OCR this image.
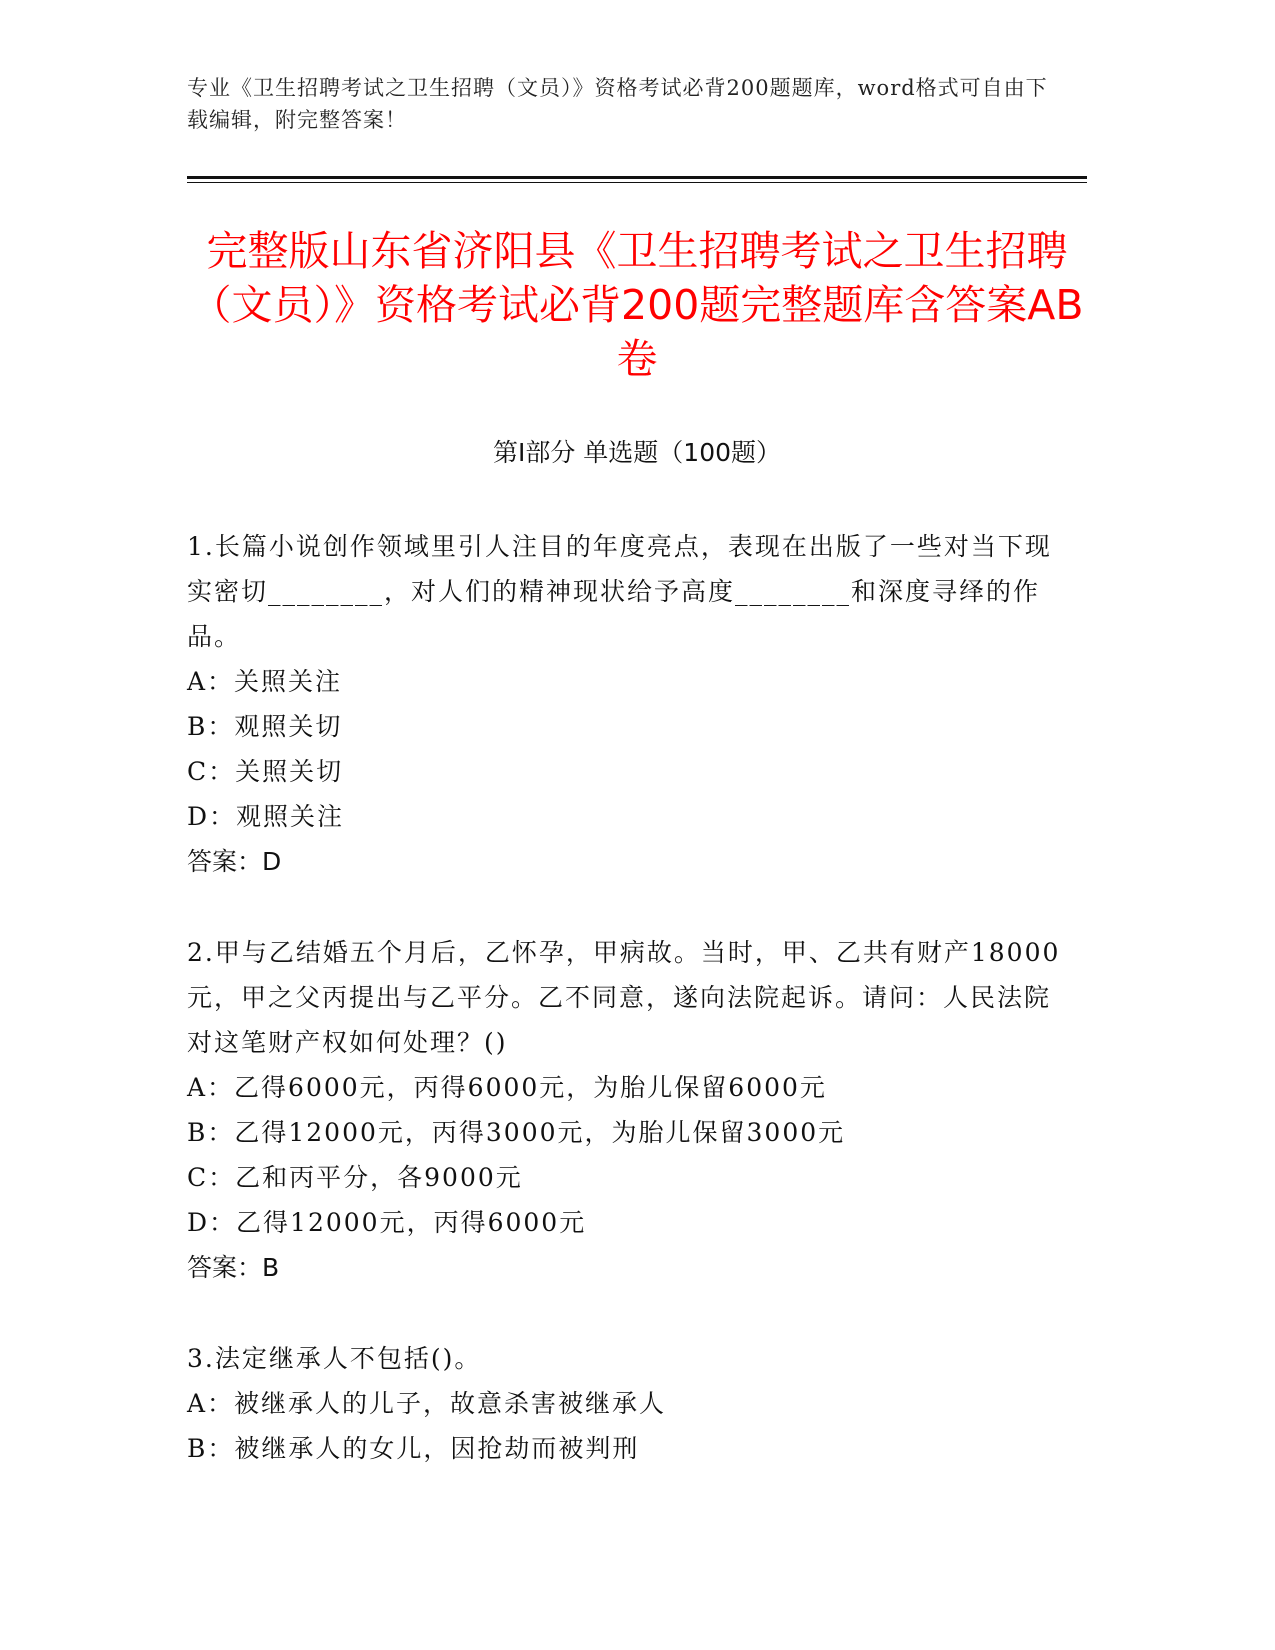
专业《卫生招聘考试之卫生招聘（文员）》资格考试必背200题题库，word格式可自由下载编辑，附完整答案！
完整版山东省济阳县《卫生招聘考试之卫生招聘（文员）》资格考试必背200题完整题库含答案AB卷
第Ⅰ部分 单选题（100题）
1.长篇小说创作领域里引人注目的年度亮点，表现在出版了一些对当下现实密切________，对人们的精神现状给予高度________和深度寻绎的作品。
A：关照关注
B：观照关切
C：关照关切
D：观照关注
答案：D
2.甲与乙结婚五个月后，乙怀孕，甲病故。当时，甲、乙共有财产18000元，甲之父丙提出与乙平分。乙不同意，遂向法院起诉。请问：人民法院对这笔财产权如何处理？()
A：乙得6000元，丙得6000元，为胎儿保留6000元
B：乙得12000元，丙得3000元，为胎儿保留3000元
C：乙和丙平分，各9000元
D：乙得12000元，丙得6000元
答案：B
3.法定继承人不包括()。
A：被继承人的儿子，故意杀害被继承人
B：被继承人的女儿，因抢劫而被判刑
